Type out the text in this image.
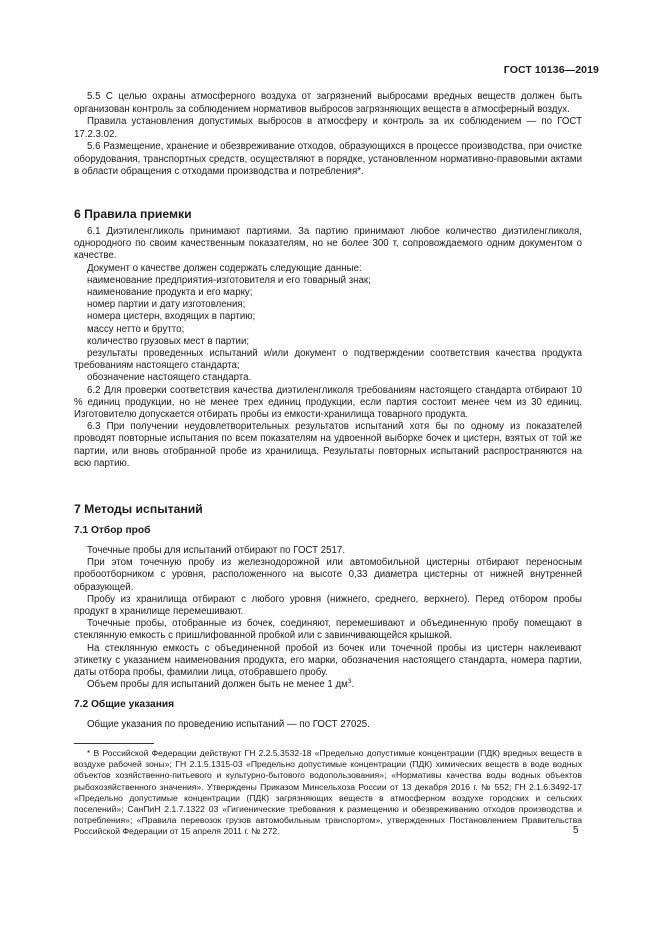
ГОСТ 10136—2019

5.5 С целью охраны атмосферного воздуха от загрязнений выбросами вредных веществ должен быть организован контроль за соблюдением нормативов выбросов загрязняющих веществ в атмосферный воздух.

Правила установления допустимых выбросов в атмосферу и контроль за их соблюдением — по ГОСТ 17.2.3.02.

5.6 Размещение, хранение и обезвреживание отходов, образующихся в процессе производства, при очистке оборудования, транспортных средств, осуществляют в порядке, установленном нормативно-правовыми актами в области обращения с отходами производства и потребления*.

6 Правила приемки

6.1 Диэтиленгликоль принимают партиями. За партию принимают любое количество диэтиленгликоля, однородного по своим качественным показателям, но не более 300 т, сопровождаемого одним документом о качестве.

Документ о качестве должен содержать следующие данные:

наименование предприятия-изготовителя и его товарный знак;

наименование продукта и его марку;

номер партии и дату изготовления;

номера цистерн, входящих в партию;

массу нетто и брутто;

количество грузовых мест в партии;

результаты проведенных испытаний и/или документ о подтверждении соответствия качества продукта требованиям настоящего стандарта;

обозначение настоящего стандарта.

6.2 Для проверки соответствия качества диэтиленгликоля требованиям настоящего стандарта отбирают 10 % единиц продукции, но не менее трех единиц продукции, если партия состоит менее чем из 30 единиц. Изготовителю допускается отбирать пробы из емкости-хранилища товарного продукта.

6.3 При получении неудовлетворительных результатов испытаний хотя бы по одному из показателей проводят повторные испытания по всем показателям на удвоенной выборке бочек и цистерн, взятых от той же партии, или вновь отобранной пробе из хранилища. Результаты повторных испытаний распространяются на всю партию.

7 Методы испытаний
7.1 Отбор проб

Точечные пробы для испытаний отбирают по ГОСТ 2517.

При этом точечную пробу из железнодорожной или автомобильной цистерны отбирают переносным пробоотборником с уровня, расположенного на высоте 0,33 диаметра цистерны от нижней внутренней образующей.

Пробу из хранилища отбирают с любого уровня (нижнего, среднего, верхнего). Перед отбором пробы продукт в хранилище перемешивают.

Точечные пробы, отобранные из бочек, соединяют, перемешивают и объединенную пробу помещают в стеклянную емкость с пришлифованной пробкой или с завинчивающейся крышкой.

На стеклянную емкость с объединенной пробой из бочек или точечной пробы из цистерн наклеивают этикетку с указанием наименования продукта, его марки, обозначения настоящего стандарта, номера партии, даты отбора пробы, фамилии лица, отобравшего пробу.

Объем пробы для испытаний должен быть не менее 1 $дм^3$.

7.2 Общие указания

Общие указания по проведению испытаний — по ГОСТ 27025.

* В Российской Федерации действуют ГН 2.2.5.3532-18 «Предельно допустимые концентрации (ПДК) вредных веществ в воздухе рабочей зоны»; ГН 2.1.5.1315-03 «Предельно допустимые концентрации (ПДК) химических веществ в воде водных объектов хозяйственно-питьевого и культурно-бытового водопользования»; «Нормативы качества воды водных объектов рыбохозяйственного значения». Утверждены Приказом Минсельхоза России от 13 декабря 2016 г. № 552; ГН 2.1.6.3492-17 «Предельно допустимые концентрации (ПДК) загрязняющих веществ в атмосферном воздухе городских и сельских поселений»; СанПиН 2.1.7.1322 03 «Гигиенические требования к размещению и обезвреживанию отходов производства и потребления»; «Правила перевозок грузов автомобильным транспортом», утвержденных Постановлением Правительства Российской Федерации от 15 апреля 2011 г. № 272.	5
